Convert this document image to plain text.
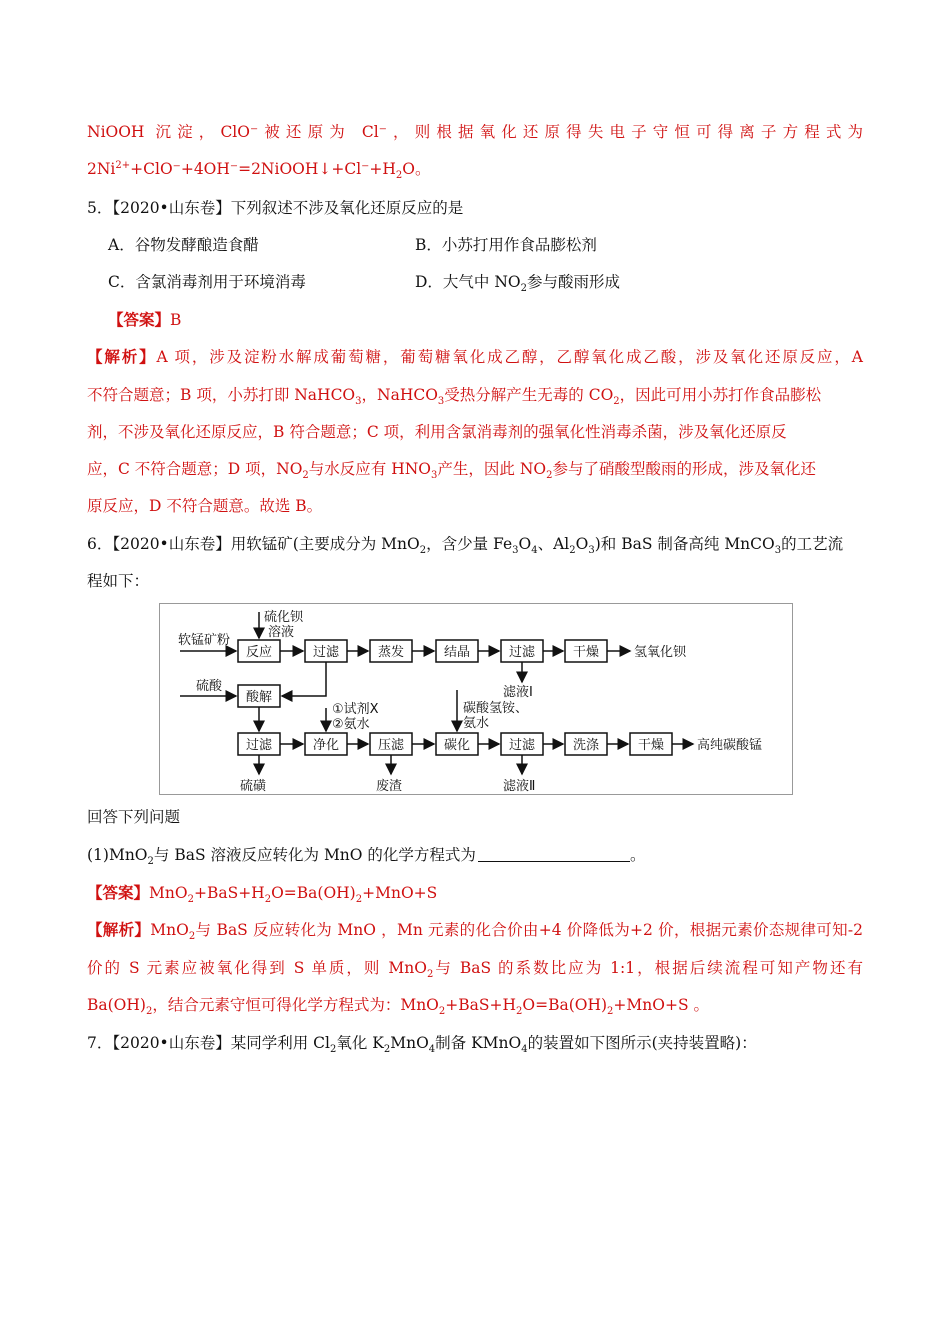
NiOOH 沉淀，ClO⁻被还原为 Cl⁻，则根据氧化还原得失电子守恒可得离子方程式为
$2Ni^{2+}+ClO^-+4OH^-=2NiOOH↓+Cl^-+H_2O$。
5．【2020•山东卷】下列叙述不涉及氧化还原反应的是
A．谷物发酵酿造食醋	B．小苏打用作食品膨松剂
C．含氯消毒剂用于环境消毒	D．大气中 $NO_2$参与酸雨形成
【答案】B
【解析】A 项，涉及淀粉水解成葡萄糖，葡萄糖氧化成乙醇，乙醇氧化成乙酸，涉及氧化还原反应，A
不符合题意；B 项，小苏打即 NaHCO$_3$，NaHCO$_3$受热分解产生无毒的 $CO_2$，因此可用小苏打作食品膨松
剂，不涉及氧化还原反应，B 符合题意；C 项，利用含氯消毒剂的强氧化性消毒杀菌，涉及氧化还原反
应，C 不符合题意；D 项，$NO_2$与水反应有 $HNO_3$产生，因此 $NO_2$参与了硝酸型酸雨的形成，涉及氧化还
原反应，D 不符合题意。故选 B。
6．【2020•山东卷】用软锰矿(主要成分为 MnO$_2$，含少量 $Fe_3O_4$、$Al_2O_3$)和 BaS 制备高纯 MnCO$_3$的工艺流
程如下：
反应	过滤	蒸发	结晶	过滤	干燥
酸解
过滤	净化	压滤	碳化	过滤	洗涤	干燥
硫化钡
溶液
软锰矿粉
硫酸
①试剂X
②氨水
碳酸氢铵、
氨水
氢氧化钡
滤液Ⅰ
硫磺	废渣	滤液Ⅱ
高纯碳酸锰
回答下列问题
(1)MnO$_2$与 BaS 溶液反应转化为 MnO 的化学方程式为	。
【答案】$MnO_2+BaS+H_2O=Ba(OH)_2+MnO+S$
【解析】MnO$_2$与 BaS 反应转化为 MnO ，Mn 元素的化合价由+4 价降低为+2 价，根据元素价态规律可知-2
价的 S 元素应被氧化得到 S 单质，则 MnO$_2$与 BaS 的系数比应为 1:1，根据后续流程可知产物还有
$Ba(OH)_2$，结合元素守恒可得化学方程式为：$MnO_2+BaS+H_2O=Ba(OH)_2+MnO+S$ 。
7．【2020•山东卷】某同学利用 $Cl_2$氧化 $K_2MnO_4$制备 KMnO$_4$的装置如下图所示(夹持装置略)：
